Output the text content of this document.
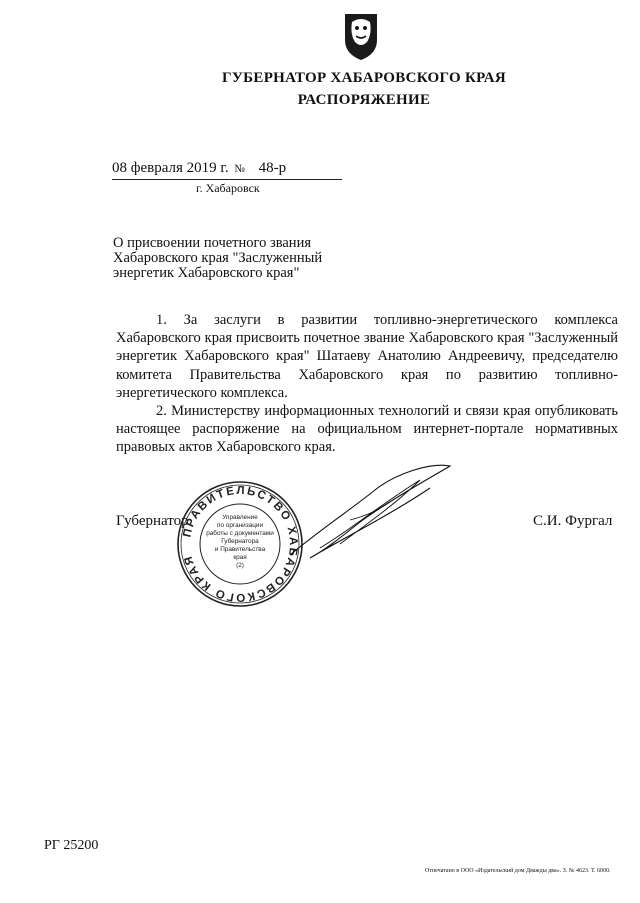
ГУБЕРНАТОР ХАБАРОВСКОГО КРАЯ
РАСПОРЯЖЕНИЕ
08 февраля 2019 г. № 48-р
г. Хабаровск
О присвоении почетного звания Хабаровского края "Заслуженный энергетик Хабаровского края"

1. За заслуги в развитии топливно-энергетического комплекса Хабаровского края присвоить почетное звание Хабаровского края "Заслуженный энергетик Хабаровского края" Шатаеву Анатолию Андреевичу, председателю комитета Правительства Хабаровского края по развитию топливно-энергетического комплекса.

2. Министерству информационных технологий и связи края опубликовать настоящее распоряжение на официальном интернет-портале нормативных правовых актов Хабаровского края.

Губернатор	С.И. Фургал
ПРАВИТЕЛЬСТВО ХАБАРОВСКОГО КРАЯ
Управление
по организации
работы с документами
Губернатора
и Правительства
края
(2)
РГ 25200
Отпечатано в ООО «Издательский дом Дважды два». З. № 4623. Т. 6000.
